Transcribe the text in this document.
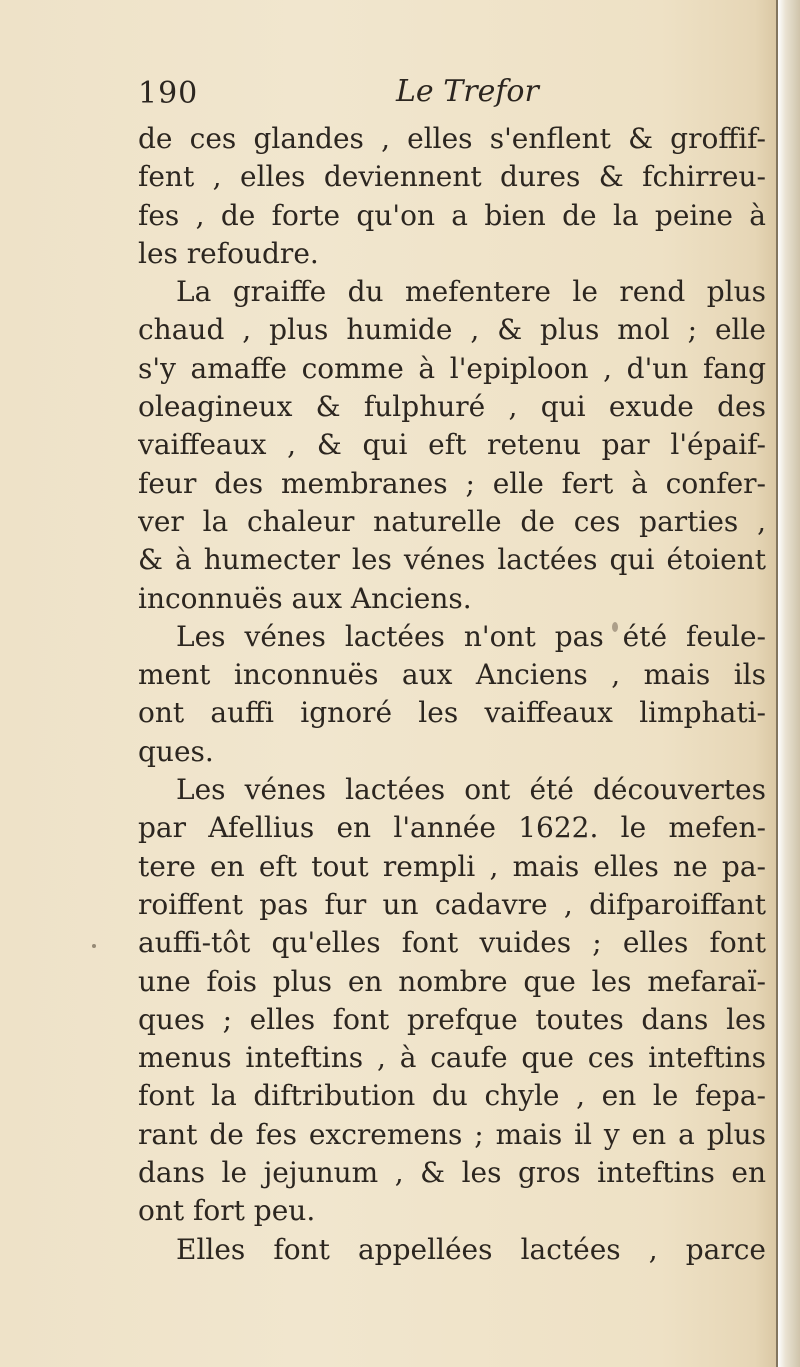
190	Le Trefor
de ces glandes , elles s'enflent & groffif-
fent , elles deviennent dures & fchirreu-
fes , de forte qu'on a bien de la peine à
les refoudre.
La graiffe du mefentere le rend plus
chaud , plus humide , & plus mol ; elle
s'y amaffe comme à l'epiploon , d'un fang
oleagineux & fulphuré , qui exude des
vaiffeaux , & qui eft retenu par l'épaif-
feur des membranes ; elle fert à confer-
ver la chaleur naturelle de ces parties ,
& à humecter les vénes lactées qui étoient
inconnuës aux Anciens.
Les vénes lactées n'ont pas été feule-
ment inconnuës aux Anciens , mais ils
ont auffi ignoré les vaiffeaux limphati-
ques.
Les vénes lactées ont été découvertes
par Afellius en l'année 1622. le mefen-
tere en eft tout rempli , mais elles ne pa-
roiffent pas fur un cadavre , difparoiffant
auffi-tôt qu'elles font vuides ; elles font
une fois plus en nombre que les mefaraï-
ques ; elles font prefque toutes dans les
menus inteftins , à caufe que ces inteftins
font la diftribution du chyle , en le fepa-
rant de fes excremens ; mais il y en a plus
dans le jejunum , & les gros inteftins en
ont fort peu.
Elles font appellées lactées , parce
